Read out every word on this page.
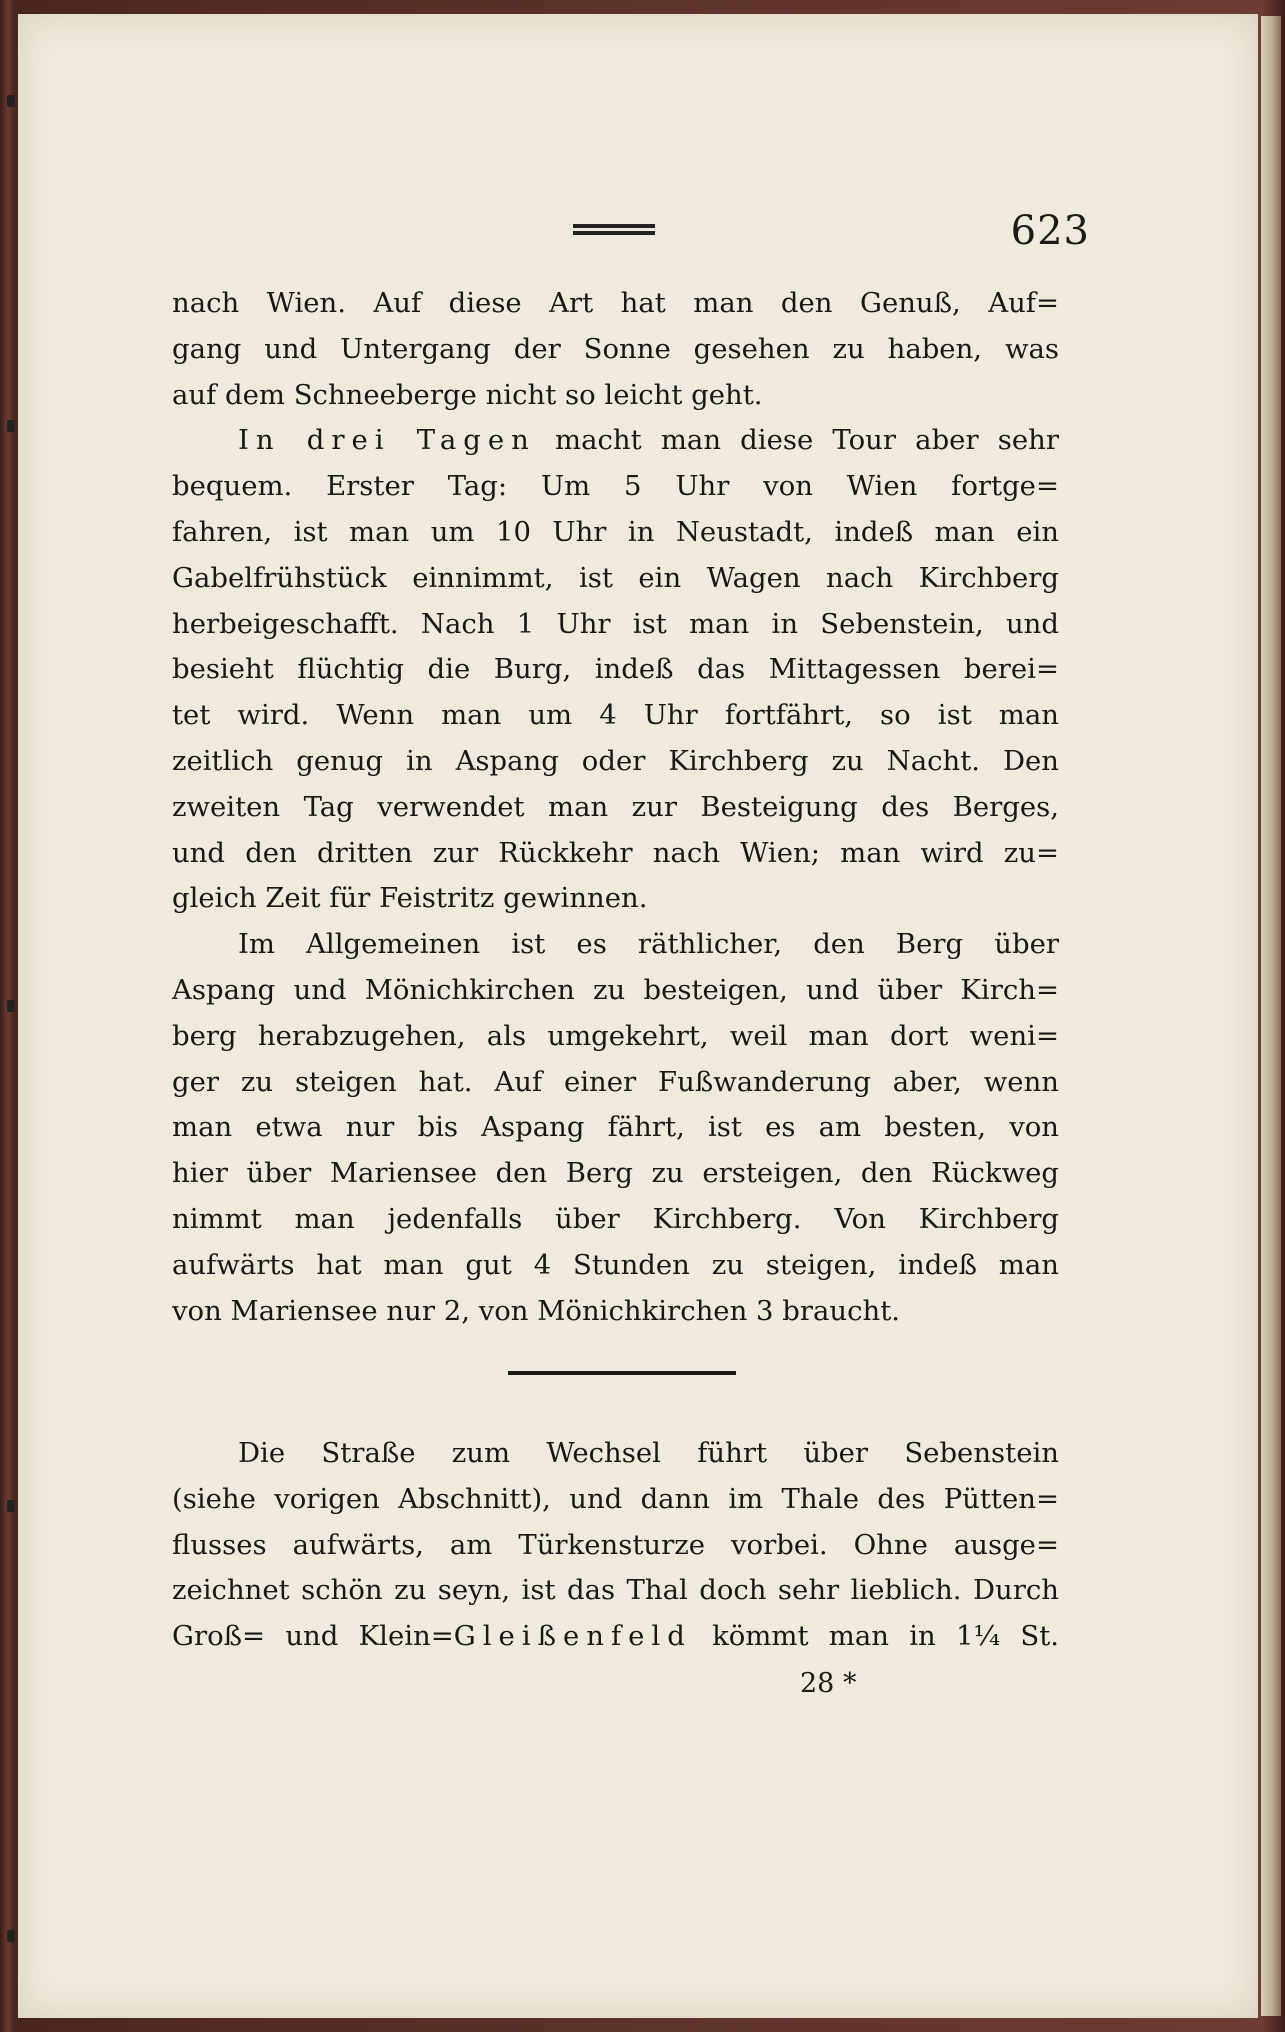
623
nach Wien. Auf diese Art hat man den Genuß, Auf=
gang und Untergang der Sonne gesehen zu haben, was
auf dem Schneeberge nicht so leicht geht.
In drei Tagen macht man diese Tour aber sehr
bequem. Erster Tag: Um 5 Uhr von Wien fortge=
fahren, ist man um 10 Uhr in Neustadt, indeß man ein
Gabelfrühstück einnimmt, ist ein Wagen nach Kirchberg
herbeigeschafft. Nach 1 Uhr ist man in Sebenstein, und
besieht flüchtig die Burg, indeß das Mittagessen berei=
tet wird. Wenn man um 4 Uhr fortfährt, so ist man
zeitlich genug in Aspang oder Kirchberg zu Nacht. Den
zweiten Tag verwendet man zur Besteigung des Berges,
und den dritten zur Rückkehr nach Wien; man wird zu=
gleich Zeit für Feistritz gewinnen.
Im Allgemeinen ist es räthlicher, den Berg über
Aspang und Mönichkirchen zu besteigen, und über Kirch=
berg herabzugehen, als umgekehrt, weil man dort weni=
ger zu steigen hat. Auf einer Fußwanderung aber, wenn
man etwa nur bis Aspang fährt, ist es am besten, von
hier über Mariensee den Berg zu ersteigen, den Rückweg
nimmt man jedenfalls über Kirchberg. Von Kirchberg
aufwärts hat man gut 4 Stunden zu steigen, indeß man
von Mariensee nur 2, von Mönichkirchen 3 braucht.
Die Straße zum Wechsel führt über Sebenstein
(siehe vorigen Abschnitt), und dann im Thale des Pütten=
flusses aufwärts, am Türkensturze vorbei. Ohne ausge=
zeichnet schön zu seyn, ist das Thal doch sehr lieblich. Durch
Groß= und Klein=Gleißenfeld kömmt man in 1¼ St.
28 *
